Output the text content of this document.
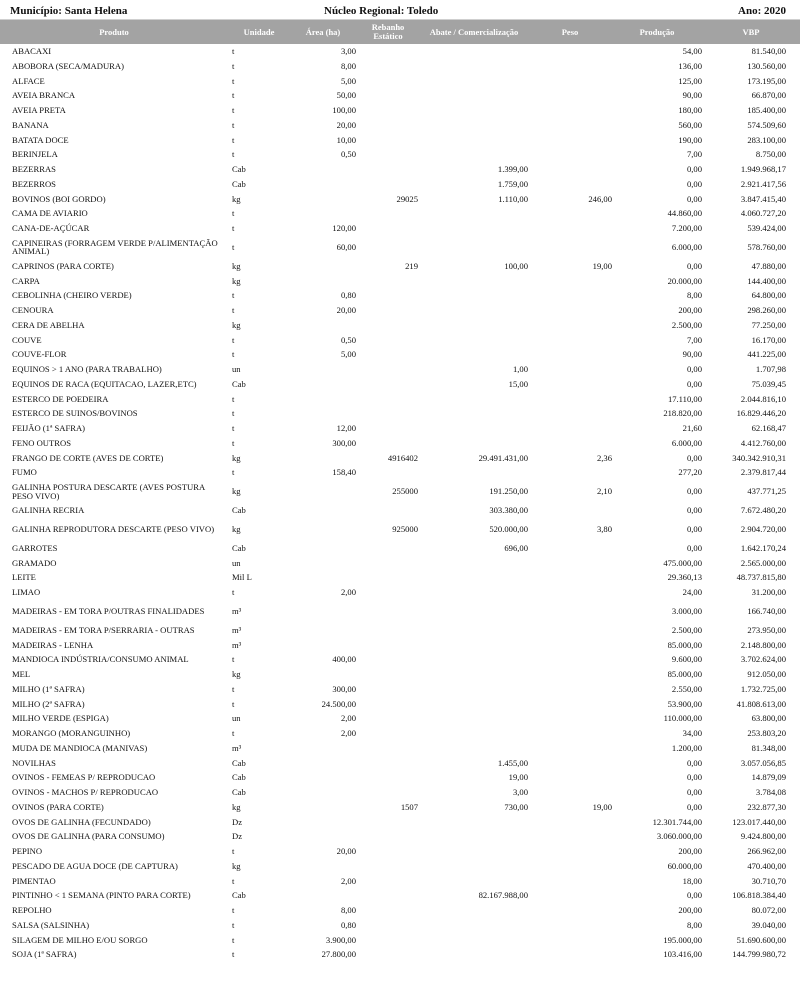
Município: Santa Helena	Núcleo Regional: Toledo	Ano: 2020
Produto	Unidade	Área (ha)	Rebanho Estático	Abate / Comercialização	Peso	Produção	VBP
ABACAXI	t	3,00				54,00	81.540,00
ABOBORA (SECA/MADURA)	t	8,00				136,00	130.560,00
ALFACE	t	5,00				125,00	173.195,00
AVEIA BRANCA	t	50,00				90,00	66.870,00
AVEIA PRETA	t	100,00				180,00	185.400,00
BANANA	t	20,00				560,00	574.509,60
BATATA DOCE	t	10,00				190,00	283.100,00
BERINJELA	t	0,50				7,00	8.750,00
BEZERRAS	Cab			1.399,00		0,00	1.949.968,17
BEZERROS	Cab			1.759,00		0,00	2.921.417,56
BOVINOS (BOI GORDO)	kg		29025	1.110,00	246,00	0,00	3.847.415,40
CAMA DE AVIARIO	t					44.860,00	4.060.727,20
CANA-DE-AÇÚCAR	t	120,00				7.200,00	539.424,00
CAPINEIRAS (FORRAGEM VERDE P/ALIMENTAÇÃO ANIMAL)	t	60,00				6.000,00	578.760,00
CAPRINOS (PARA CORTE)	kg		219	100,00	19,00	0,00	47.880,00
CARPA	kg					20.000,00	144.400,00
CEBOLINHA (CHEIRO VERDE)	t	0,80				8,00	64.800,00
CENOURA	t	20,00				200,00	298.260,00
CERA DE ABELHA	kg					2.500,00	77.250,00
COUVE	t	0,50				7,00	16.170,00
COUVE-FLOR	t	5,00				90,00	441.225,00
EQUINOS > 1 ANO (PARA TRABALHO)	un			1,00		0,00	1.707,98
EQUINOS DE RACA (EQUITACAO, LAZER,ETC)	Cab			15,00		0,00	75.039,45
ESTERCO DE POEDEIRA	t					17.110,00	2.044.816,10
ESTERCO DE SUINOS/BOVINOS	t					218.820,00	16.829.446,20
FEIJÃO (1ª SAFRA)	t	12,00				21,60	62.168,47
FENO OUTROS	t	300,00				6.000,00	4.412.760,00
FRANGO DE CORTE (AVES DE CORTE)	kg		4916402	29.491.431,00	2,36	0,00	340.342.910,31
FUMO	t	158,40				277,20	2.379.817,44
GALINHA POSTURA DESCARTE (AVES POSTURA PESO VIVO)	kg		255000	191.250,00	2,10	0,00	437.771,25
GALINHA RECRIA	Cab			303.380,00		0,00	7.672.480,20
GALINHA REPRODUTORA DESCARTE (PESO VIVO)	kg		925000	520.000,00	3,80	0,00	2.904.720,00
GARROTES	Cab			696,00		0,00	1.642.170,24
GRAMADO	un					475.000,00	2.565.000,00
LEITE	Mil L					29.360,13	48.737.815,80
LIMAO	t	2,00				24,00	31.200,00
MADEIRAS - EM TORA P/OUTRAS FINALIDADES	m³					3.000,00	166.740,00
MADEIRAS - EM TORA P/SERRARIA - OUTRAS	m³					2.500,00	273.950,00
MADEIRAS - LENHA	m³					85.000,00	2.148.800,00
MANDIOCA INDÚSTRIA/CONSUMO ANIMAL	t	400,00				9.600,00	3.702.624,00
MEL	kg					85.000,00	912.050,00
MILHO (1ª SAFRA)	t	300,00				2.550,00	1.732.725,00
MILHO (2ª SAFRA)	t	24.500,00				53.900,00	41.808.613,00
MILHO VERDE (ESPIGA)	un	2,00				110.000,00	63.800,00
MORANGO (MORANGUINHO)	t	2,00				34,00	253.803,20
MUDA DE MANDIOCA (MANIVAS)	m³					1.200,00	81.348,00
NOVILHAS	Cab			1.455,00		0,00	3.057.056,85
OVINOS - FEMEAS P/ REPRODUCAO	Cab			19,00		0,00	14.879,09
OVINOS - MACHOS P/ REPRODUCAO	Cab			3,00		0,00	3.784,08
OVINOS (PARA CORTE)	kg		1507	730,00	19,00	0,00	232.877,30
OVOS DE GALINHA (FECUNDADO)	Dz					12.301.744,00	123.017.440,00
OVOS DE GALINHA (PARA CONSUMO)	Dz					3.060.000,00	9.424.800,00
PEPINO	t	20,00				200,00	266.962,00
PESCADO DE AGUA DOCE (DE CAPTURA)	kg					60.000,00	470.400,00
PIMENTAO	t	2,00				18,00	30.710,70
PINTINHO < 1 SEMANA (PINTO PARA CORTE)	Cab			82.167.988,00		0,00	106.818.384,40
REPOLHO	t	8,00				200,00	80.072,00
SALSA (SALSINHA)	t	0,80				8,00	39.040,00
SILAGEM DE MILHO E/OU SORGO	t	3.900,00				195.000,00	51.690.600,00
SOJA (1ª SAFRA)	t	27.800,00				103.416,00	144.799.980,72
